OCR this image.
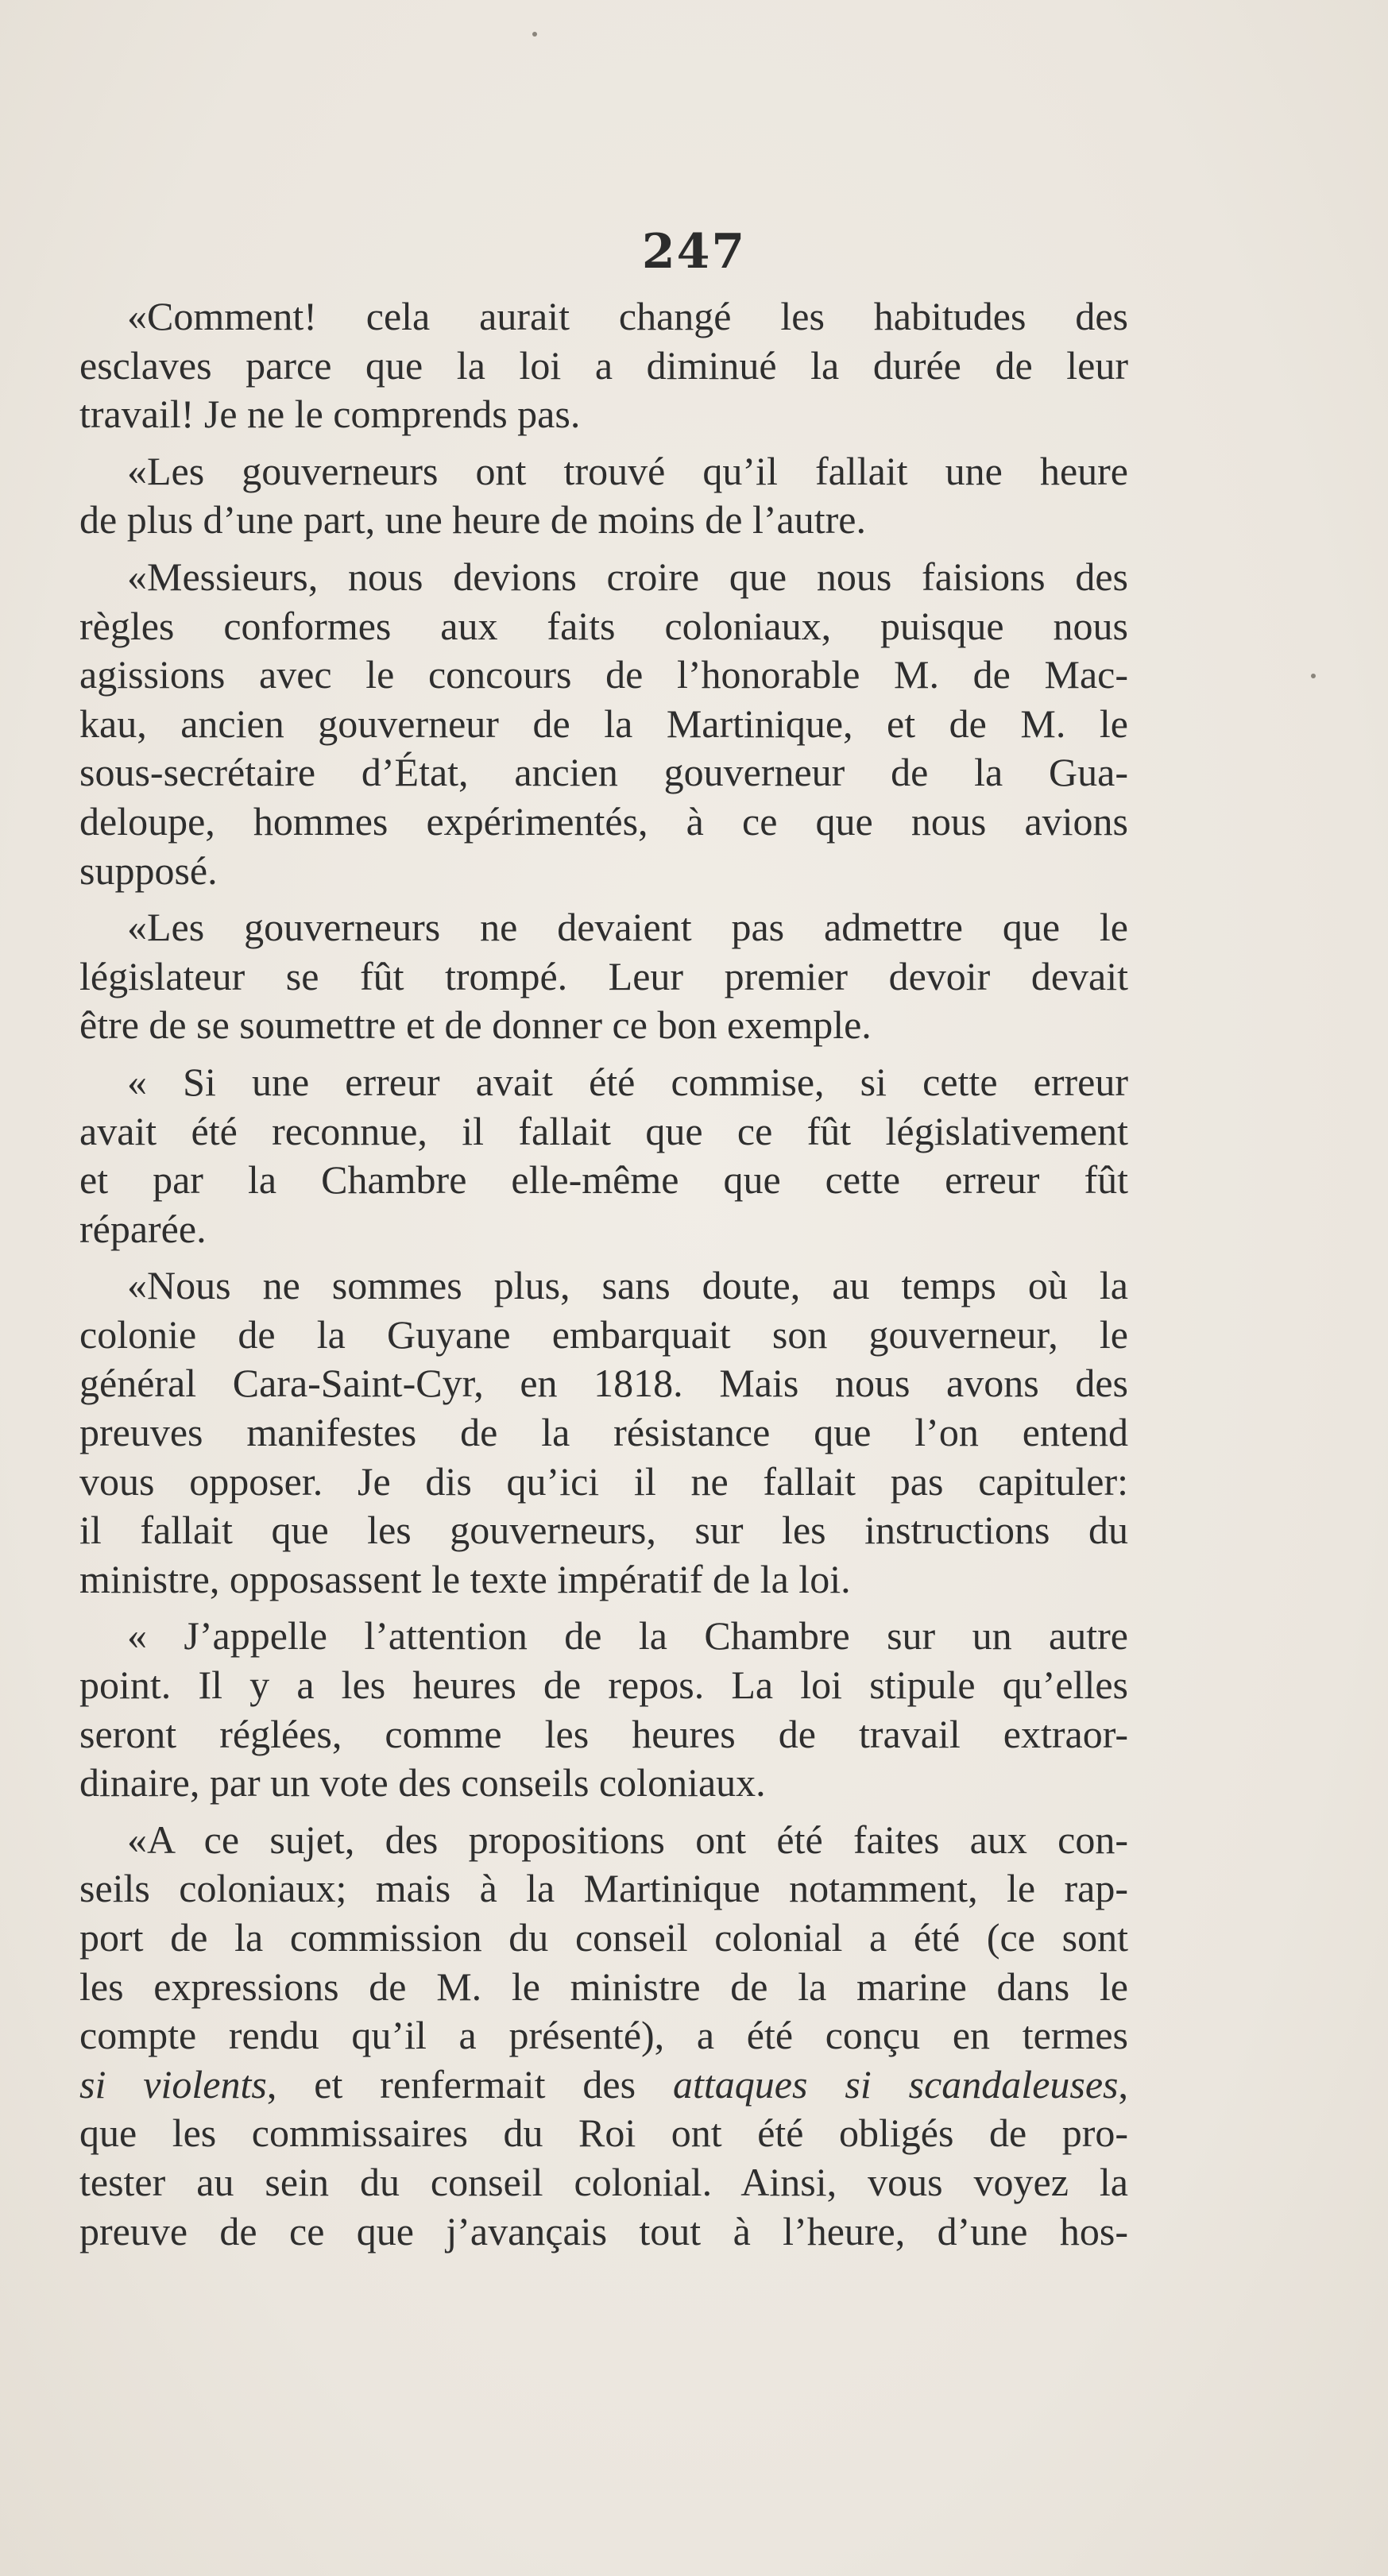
247
«Comment! cela aurait changé les habitudes des
esclaves parce que la loi a diminué la durée de leur
travail! Je ne le comprends pas.
«Les gouverneurs ont trouvé qu’il fallait une heure
de plus d’une part, une heure de moins de l’autre.
«Messieurs, nous devions croire que nous faisions des
règles conformes aux faits coloniaux, puisque nous
agissions avec le concours de l’honorable M. de Mac-
kau, ancien gouverneur de la Martinique, et de M. le
sous-secrétaire d’État, ancien gouverneur de la Gua-
deloupe, hommes expérimentés, à ce que nous avions
supposé.
«Les gouverneurs ne devaient pas admettre que le
législateur se fût trompé. Leur premier devoir devait
être de se soumettre et de donner ce bon exemple.
« Si une erreur avait été commise, si cette erreur
avait été reconnue, il fallait que ce fût législativement
et par la Chambre elle-même que cette erreur fût
réparée.
«Nous ne sommes plus, sans doute, au temps où la
colonie de la Guyane embarquait son gouverneur, le
général Cara-Saint-Cyr, en 1818. Mais nous avons des
preuves manifestes de la résistance que l’on entend
vous opposer. Je dis qu’ici il ne fallait pas capituler:
il fallait que les gouverneurs, sur les instructions du
ministre, opposassent le texte impératif de la loi.
« J’appelle l’attention de la Chambre sur un autre
point. Il y a les heures de repos. La loi stipule qu’elles
seront réglées, comme les heures de travail extraor-
dinaire, par un vote des conseils coloniaux.
«A ce sujet, des propositions ont été faites aux con-
seils coloniaux; mais à la Martinique notamment, le rap-
port de la commission du conseil colonial a été (ce sont
les expressions de M. le ministre de la marine dans le
compte rendu qu’il a présenté), a été conçu en termes
si violents, et renfermait des attaques si scandaleuses,
que les commissaires du Roi ont été obligés de pro-
tester au sein du conseil colonial. Ainsi, vous voyez la
preuve de ce que j’avançais tout à l’heure, d’une hos-
